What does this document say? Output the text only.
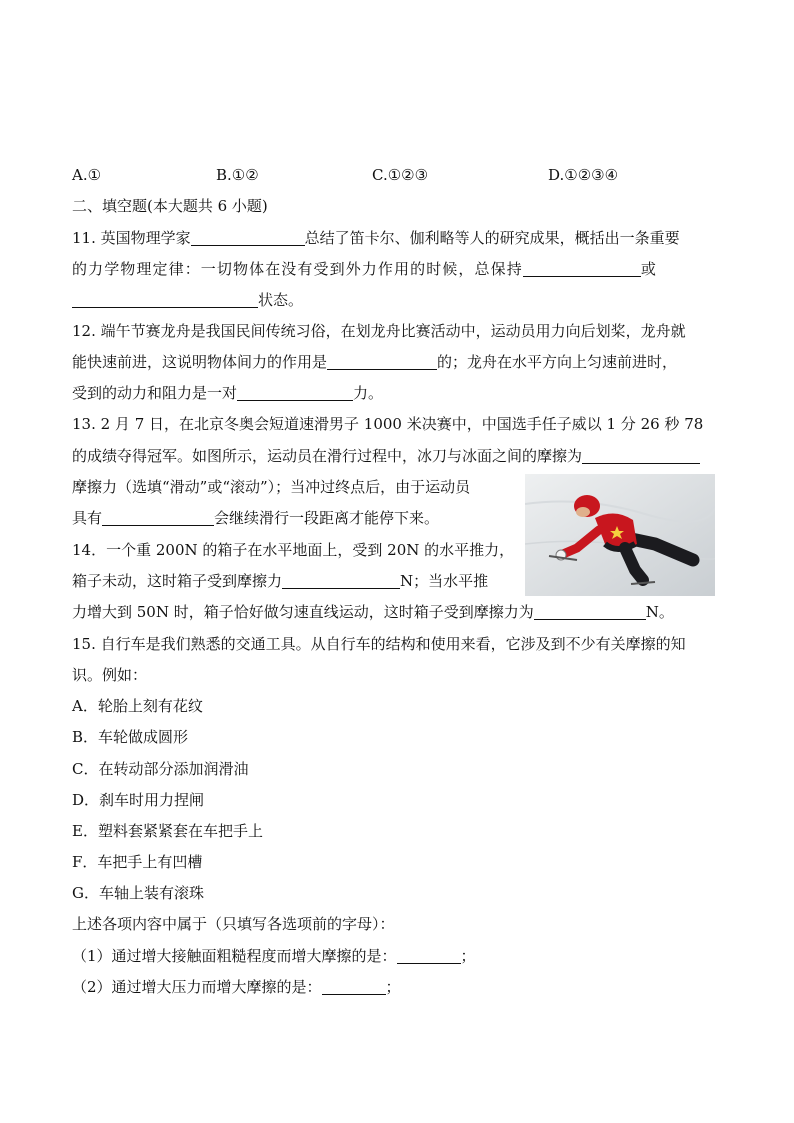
A.①	B.①②	C.①②③	D.①②③④
二、填空题(本大题共 6 小题)
11. 英国物理学家	总结了笛卡尔、伽利略等人的研究成果，概括出一条重要
的力学物理定律：一切物体在没有受到外力作用的时候，总保持	或
状态。
12. 端午节赛龙舟是我国民间传统习俗，在划龙舟比赛活动中，运动员用力向后划桨，龙舟就
能快速前进，这说明物体间力的作用是	的；龙舟在水平方向上匀速前进时，
受到的动力和阻力是一对	力。
13. 2 月 7 日，在北京冬奥会短道速滑男子 1000 米决赛中，中国选手任子威以 1 分 26 秒 78
的成绩夺得冠军。如图所示，运动员在滑行过程中，冰刀与冰面之间的摩擦为
摩擦力（选填“滑动”或“滚动”）；当冲过终点后，由于运动员
具有	会继续滑行一段距离才能停下来。
14．一个重 200N 的箱子在水平地面上，受到 20N 的水平推力，
箱子未动，这时箱子受到摩擦力	N；当水平推
力增大到 50N 时，箱子恰好做匀速直线运动，这时箱子受到摩擦力为	N。
15. 自行车是我们熟悉的交通工具。从自行车的结构和使用来看，它涉及到不少有关摩擦的知
识。例如：
A．轮胎上刻有花纹
B．车轮做成圆形
C．在转动部分添加润滑油
D．刹车时用力捏闸
E．塑料套紧紧套在车把手上
F．车把手上有凹槽
G．车轴上装有滚珠
上述各项内容中属于（只填写各选项前的字母）：
（1）通过增大接触面粗糙程度而增大摩擦的是：	；
（2）通过增大压力而增大摩擦的是：	；
